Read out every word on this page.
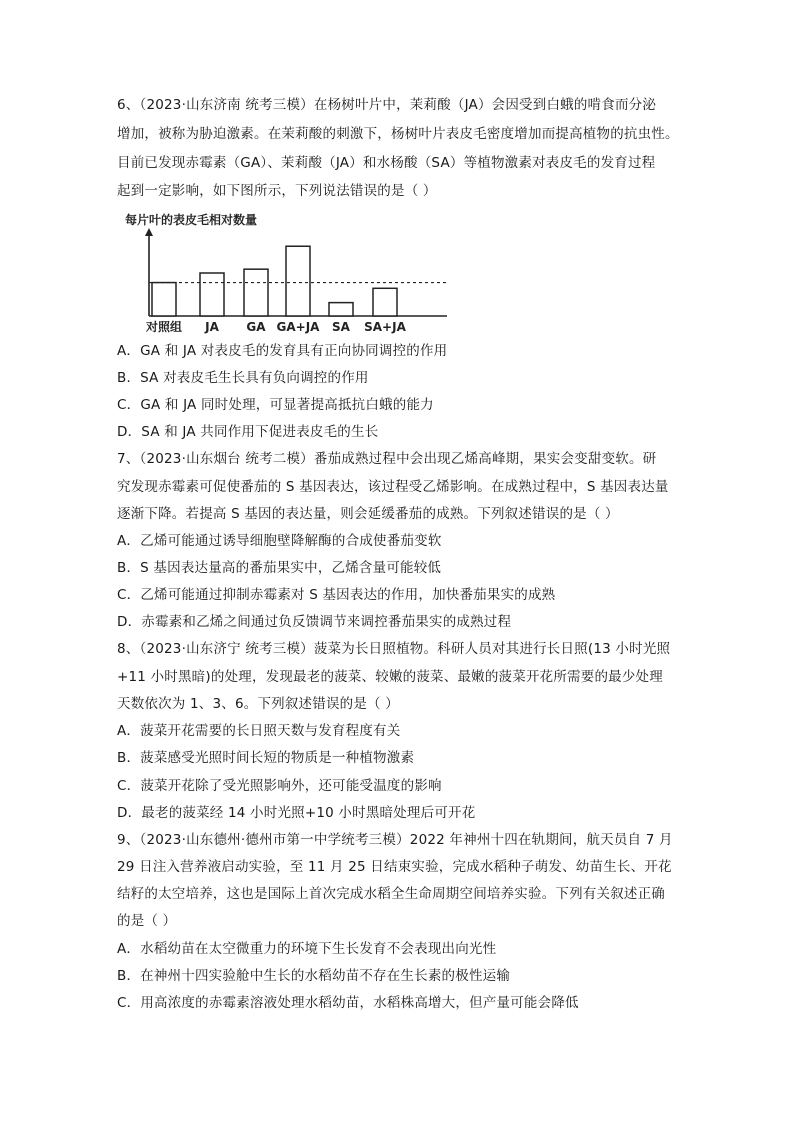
6、（2023·山东济南 统考三模）在杨树叶片中，茉莉酸（JA）会因受到白蛾的啃食而分泌
增加，被称为胁迫激素。在茉莉酸的刺激下，杨树叶片表皮毛密度增加而提高植物的抗虫性。
目前已发现赤霉素（GA）、茉莉酸（JA）和水杨酸（SA）等植物激素对表皮毛的发育过程
起到一定影响，如下图所示，下列说法错误的是（ ）
每片叶的表皮毛相对数量
对照组 JA GA GA+JA SA SA+JA
A．GA 和 JA 对表皮毛的发育具有正向协同调控的作用
B．SA 对表皮毛生长具有负向调控的作用
C．GA 和 JA 同时处理，可显著提高抵抗白蛾的能力
D．SA 和 JA 共同作用下促进表皮毛的生长
7、（2023·山东烟台 统考二模）番茄成熟过程中会出现乙烯高峰期，果实会变甜变软。研
究发现赤霉素可促使番茄的 S 基因表达，该过程受乙烯影响。在成熟过程中，S 基因表达量
逐渐下降。若提高 S 基因的表达量，则会延缓番茄的成熟。下列叙述错误的是（ ）
A．乙烯可能通过诱导细胞壁降解酶的合成使番茄变软
B．S 基因表达量高的番茄果实中，乙烯含量可能较低
C．乙烯可能通过抑制赤霉素对 S 基因表达的作用，加快番茄果实的成熟
D．赤霉素和乙烯之间通过负反馈调节来调控番茄果实的成熟过程
8、（2023·山东济宁 统考三模）菠菜为长日照植物。科研人员对其进行长日照(13 小时光照
+11 小时黑暗)的处理，发现最老的菠菜、较嫩的菠菜、最嫩的菠菜开花所需要的最少处理
天数依次为 1、3、6。下列叙述错误的是（ ）
A．菠菜开花需要的长日照天数与发育程度有关
B．菠菜感受光照时间长短的物质是一种植物激素
C．菠菜开花除了受光照影响外，还可能受温度的影响
D．最老的菠菜经 14 小时光照+10 小时黑暗处理后可开花
9、（2023·山东德州·德州市第一中学统考三模）2022 年神州十四在轨期间，航天员自 7 月
29 日注入营养液启动实验，至 11 月 25 日结束实验，完成水稻种子萌发、幼苗生长、开花
结籽的太空培养，这也是国际上首次完成水稻全生命周期空间培养实验。下列有关叙述正确
的是（ ）
A．水稻幼苗在太空微重力的环境下生长发育不会表现出向光性
B．在神州十四实验舱中生长的水稻幼苗不存在生长素的极性运输
C．用高浓度的赤霉素溶液处理水稻幼苗，水稻株高增大，但产量可能会降低
